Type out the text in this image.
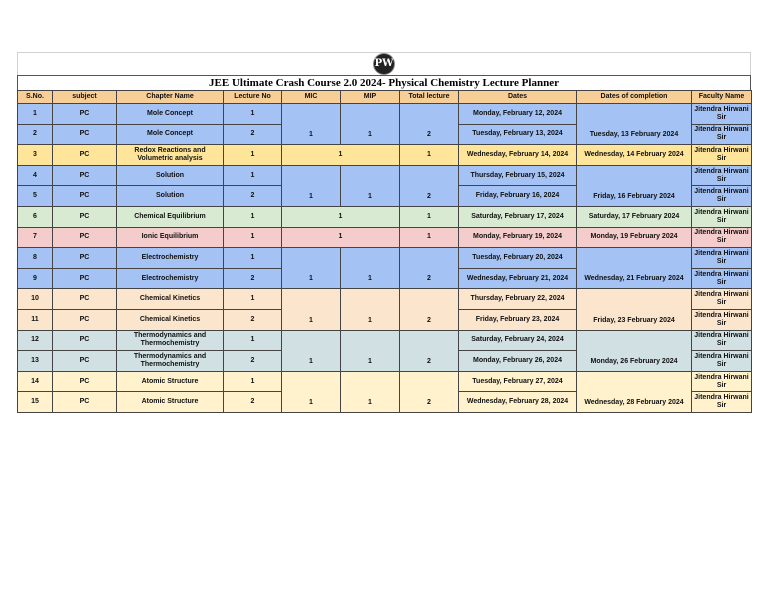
PW
JEE Ultimate Crash Course 2.0 2024- Physical Chemistry Lecture Planner
S.No.	subject	Chapter Name	Lecture No	MIC	MIP	Total lecture	Dates	Dates of completion	Faculty Name
1	PC	Mole Concept	1	1	1	2	Monday, February 12, 2024	Tuesday, 13 February 2024	Jitendra Hirwani Sir
2	PC	Mole Concept	2				Tuesday, February 13, 2024		Jitendra Hirwani Sir
3	PC	Redox Reactions and Volumetric analysis	1	1		1	Wednesday, February 14, 2024	Wednesday, 14 February 2024	Jitendra Hirwani Sir
4	PC	Solution	1	1	1	2	Thursday, February 15, 2024	Friday, 16 February 2024	Jitendra Hirwani Sir
5	PC	Solution	2				Friday, February 16, 2024		Jitendra Hirwani Sir
6	PC	Chemical Equilibrium	1	1		1	Saturday, February 17, 2024	Saturday, 17 February 2024	Jitendra Hirwani Sir
7	PC	Ionic Equilibrium	1	1		1	Monday, February 19, 2024	Monday, 19 February 2024	Jitendra Hirwani Sir
8	PC	Electrochemistry	1	1	1	2	Tuesday, February 20, 2024	Wednesday, 21 February 2024	Jitendra Hirwani Sir
9	PC	Electrochemistry	2				Wednesday, February 21, 2024		Jitendra Hirwani Sir
10	PC	Chemical Kinetics	1	1	1	2	Thursday, February 22, 2024	Friday, 23 February 2024	Jitendra Hirwani Sir
11	PC	Chemical Kinetics	2				Friday, February 23, 2024		Jitendra Hirwani Sir
12	PC	Thermodynamics and Thermochemistry	1	1	1	2	Saturday, February 24, 2024	Monday, 26 February 2024	Jitendra Hirwani Sir
13	PC	Thermodynamics and Thermochemistry	2				Monday, February 26, 2024		Jitendra Hirwani Sir
14	PC	Atomic Structure	1	1	1	2	Tuesday, February 27, 2024	Wednesday, 28 February 2024	Jitendra Hirwani Sir
15	PC	Atomic Structure	2				Wednesday, February 28, 2024		Jitendra Hirwani Sir
